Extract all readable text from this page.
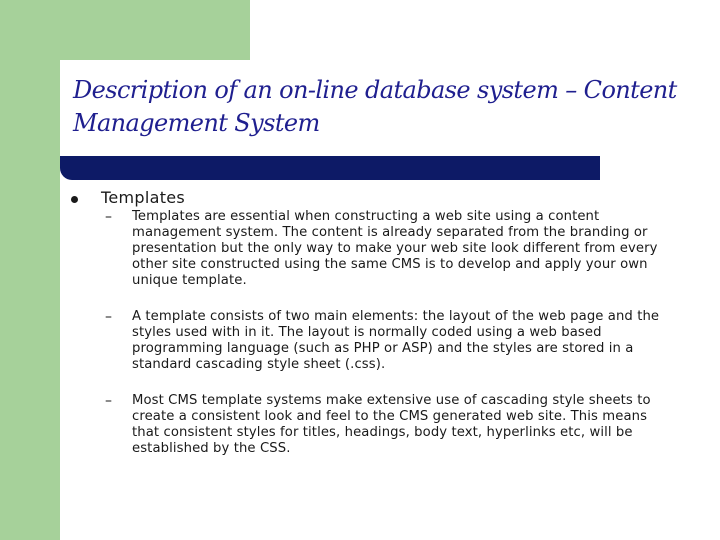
Description of an on-line database system – Content Management System
Templates
– Templates are essential when constructing a web site using a content management system. The content is already separated from the branding or presentation but the only way to make your web site look different from every other site constructed using the same CMS is to develop and apply your own unique template.
– A template consists of two main elements: the layout of the web page and the styles used with in it. The layout is normally coded using a web based programming language (such as PHP or ASP) and the styles are stored in a standard cascading style sheet (.css).
– Most CMS template systems make extensive use of cascading style sheets to create a consistent look and feel to the CMS generated web site. This means that consistent styles for titles, headings, body text, hyperlinks etc, will be established by the CSS.
